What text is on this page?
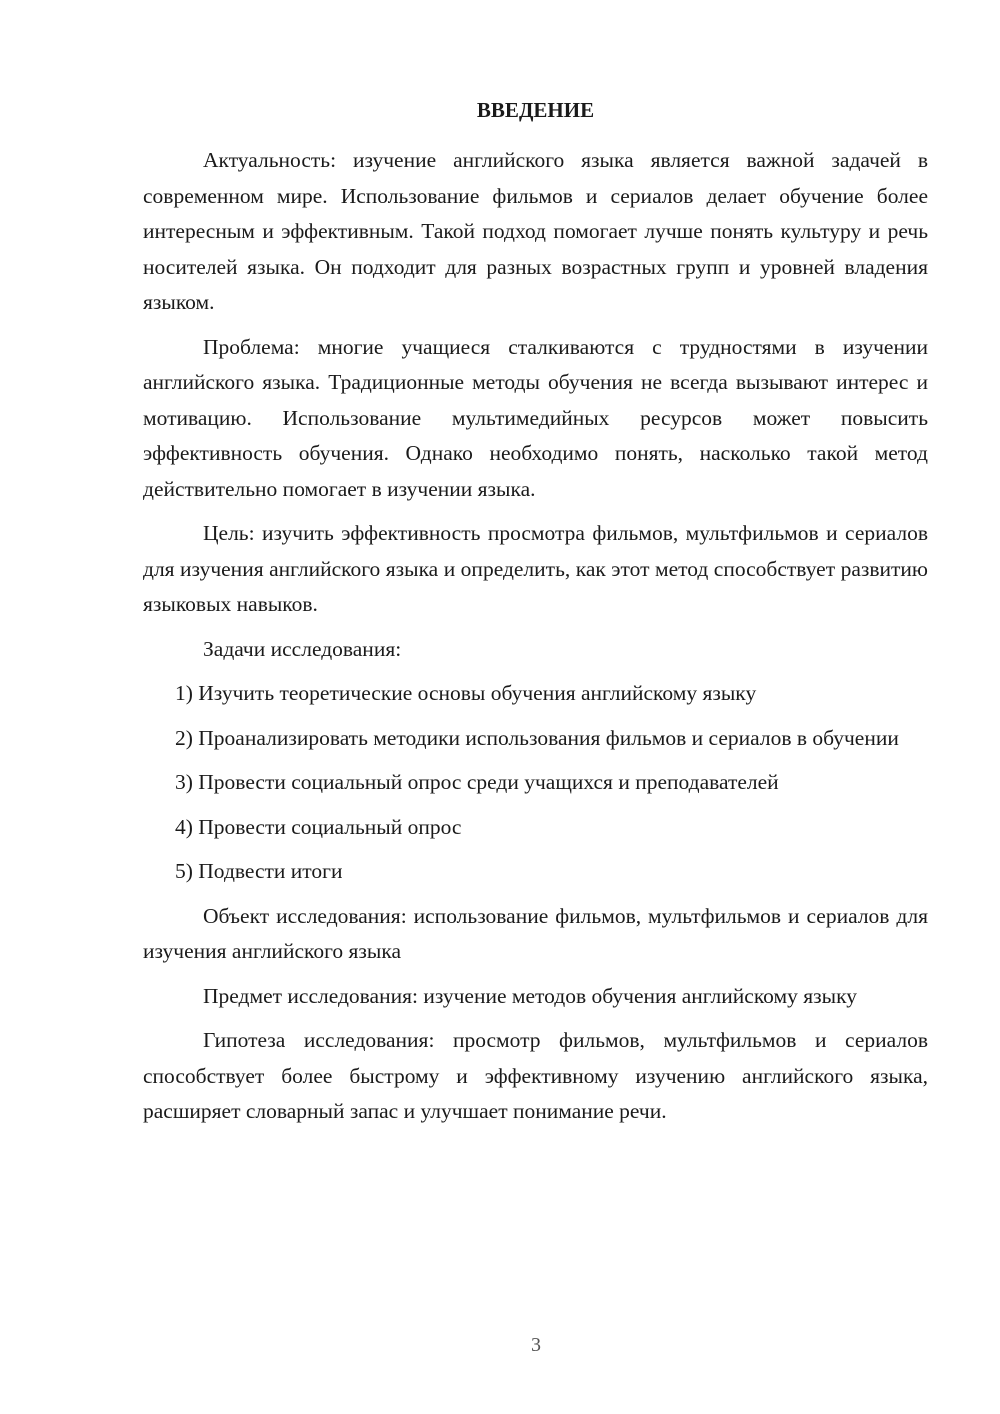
ВВЕДЕНИЕ

Актуальность: изучение английского языка является важной задачей в современном мире. Использование фильмов и сериалов делает обучение более интересным и эффективным. Такой подход помогает лучше понять культуру и речь носителей языка. Он подходит для разных возрастных групп и уровней владения языком.

Проблема: многие учащиеся сталкиваются с трудностями в изучении английского языка. Традиционные методы обучения не всегда вызывают интерес и мотивацию. Использование мультимедийных ресурсов может повысить эффективность обучения. Однако необходимо понять, насколько такой метод действительно помогает в изучении языка.

Цель: изучить эффективность просмотра фильмов, мультфильмов и сериалов для изучения английского языка и определить, как этот метод способствует развитию языковых навыков.

Задачи исследования:

1) Изучить теоретические основы обучения английскому языку

2) Проанализировать методики использования фильмов и сериалов в обучении

3) Провести социальный опрос среди учащихся и преподавателей

4) Провести социальный опрос

5) Подвести итоги

Объект исследования: использование фильмов, мультфильмов и сериалов для изучения английского языка

Предмет исследования: изучение методов обучения английскому языку

Гипотеза исследования: просмотр фильмов, мультфильмов и сериалов способствует более быстрому и эффективному изучению английского языка, расширяет словарный запас и улучшает понимание речи.

3
